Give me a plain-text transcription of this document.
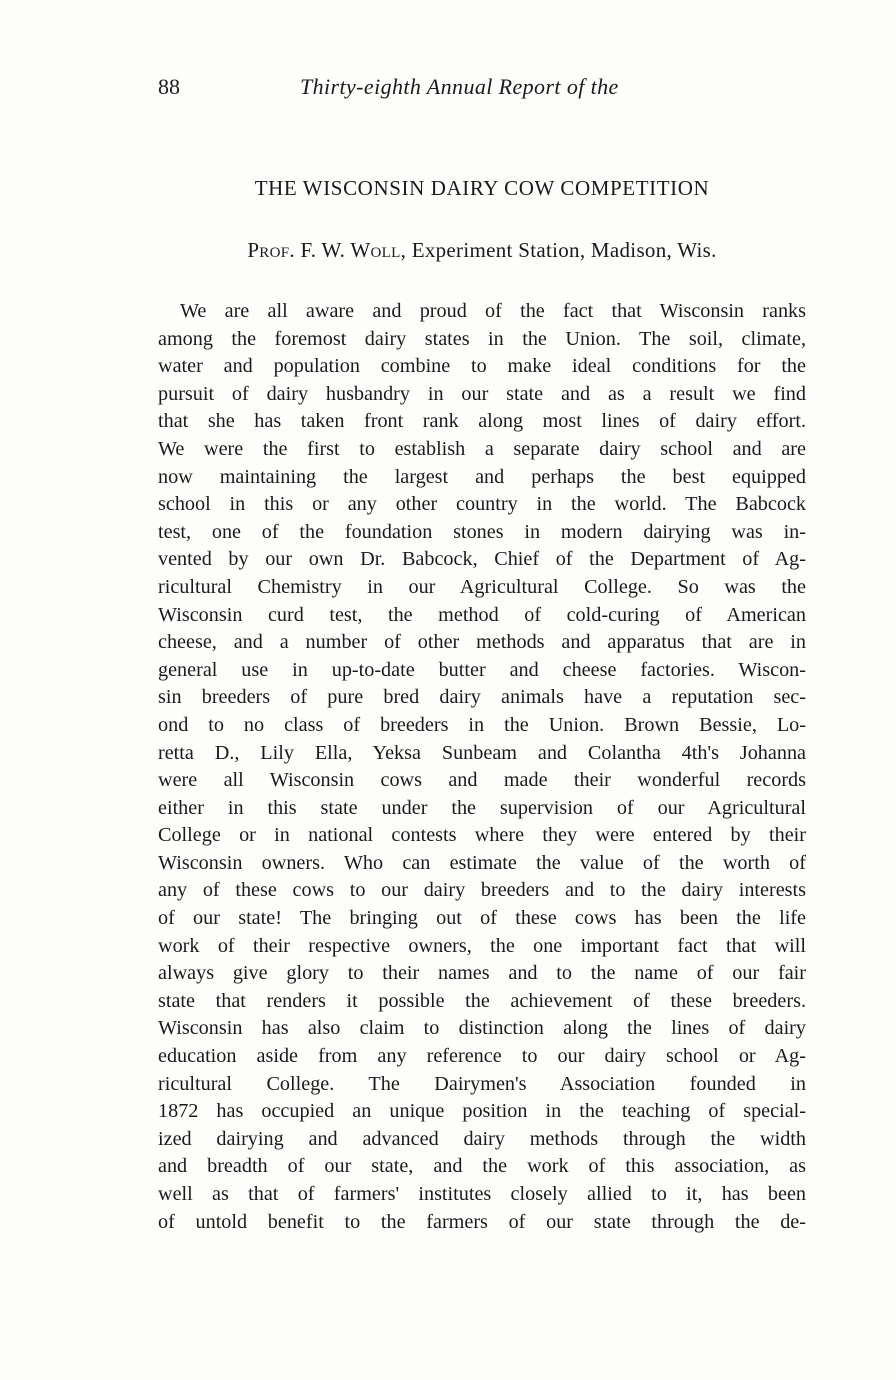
88	Thirty-eighth Annual Report of the
THE WISCONSIN DAIRY COW COMPETITION
Prof. F. W. Woll, Experiment Station, Madison, Wis.
We are all aware and proud of the fact that Wisconsin ranks
among the foremost dairy states in the Union. The soil, climate,
water and population combine to make ideal conditions for the
pursuit of dairy husbandry in our state and as a result we find
that she has taken front rank along most lines of dairy effort.
We were the first to establish a separate dairy school and are
now maintaining the largest and perhaps the best equipped
school in this or any other country in the world. The Babcock
test, one of the foundation stones in modern dairying was in-
vented by our own Dr. Babcock, Chief of the Department of Ag-
ricultural Chemistry in our Agricultural College. So was the
Wisconsin curd test, the method of cold-curing of American
cheese, and a number of other methods and apparatus that are in
general use in up-to-date butter and cheese factories. Wiscon-
sin breeders of pure bred dairy animals have a reputation sec-
ond to no class of breeders in the Union. Brown Bessie, Lo-
retta D., Lily Ella, Yeksa Sunbeam and Colantha 4th's Johanna
were all Wisconsin cows and made their wonderful records
either in this state under the supervision of our Agricultural
College or in national contests where they were entered by their
Wisconsin owners. Who can estimate the value of the worth of
any of these cows to our dairy breeders and to the dairy interests
of our state! The bringing out of these cows has been the life
work of their respective owners, the one important fact that will
always give glory to their names and to the name of our fair
state that renders it possible the achievement of these breeders.
Wisconsin has also claim to distinction along the lines of dairy
education aside from any reference to our dairy school or Ag-
ricultural College. The Dairymen's Association founded in
1872 has occupied an unique position in the teaching of special-
ized dairying and advanced dairy methods through the width
and breadth of our state, and the work of this association, as
well as that of farmers' institutes closely allied to it, has been
of untold benefit to the farmers of our state through the de-
